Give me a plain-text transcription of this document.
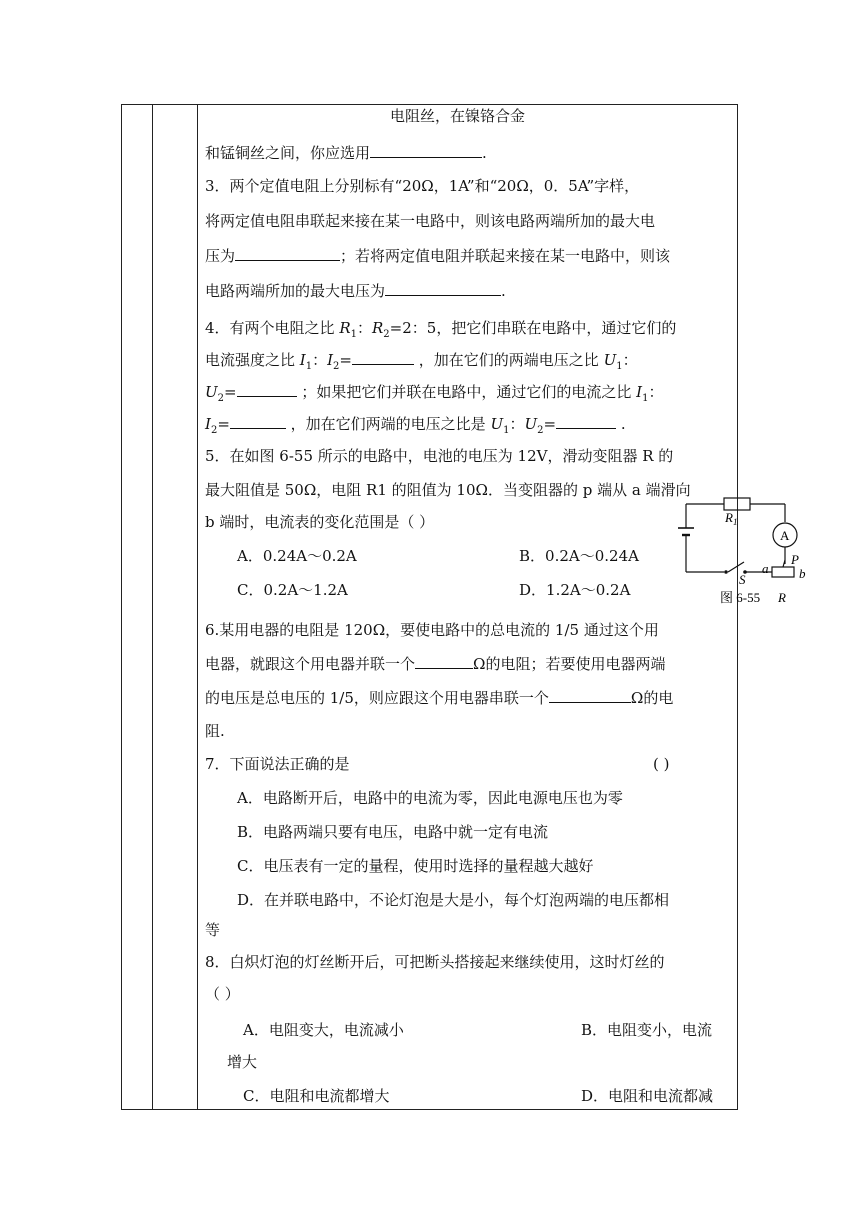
电阻丝，在镍铬合金
和锰铜丝之间，你应选用	.
3．两个定值电阻上分别标有“20Ω，1A”和“20Ω，0．5A”字样，
将两定值电阻串联起来接在某一电路中，则该电路两端所加的最大电
压为	；若将两定值电阻并联起来接在某一电路中，则该
电路两端所加的最大电压为	.
4．有两个电阻之比 $R_1$：$R_2=2$：5，把它们串联在电路中，通过它们的
电流强度之比 $I_1$：$I_2=$	，加在它们的两端电压之比 $U_1$：
$U_2=$	；如果把它们并联在电路中，通过它们的电流之比 $I_1$：
$I_2=$	，加在它们两端的电压之比是 $U_1$：$U_2=$	.
5．在如图 6-55 所示的电路中，电池的电压为 12V，滑动变阻器 R 的
最大阻值是 50Ω，电阻 R1 的阻值为 10Ω．当变阻器的 p 端从 a 端滑向
b 端时，电流表的变化范围是（ ）
A．0.24A～0.2A	B．0.2A～0.24A
C．0.2A～1.2A	D．1.2A～0.2A
6.某用电器的电阻是 120Ω，要使电路中的总电流的 1/5 通过这个用
电器，就跟这个用电器并联一个	Ω的电阻；若要使用电器两端
的电压是总电压的 1/5，则应跟这个用电器串联一个	Ω的电
阻.
7．下面说法正确的是	( )
A．电路断开后，电路中的电流为零，因此电源电压也为零
B．电路两端只要有电压，电路中就一定有电流
C．电压表有一定的量程，使用时选择的量程越大越好
D．在并联电路中，不论灯泡是大是小，每个灯泡两端的电压都相
等
8．白炽灯泡的灯丝断开后，可把断头搭接起来继续使用，这时灯丝的
（ ）
A．电阻变大，电流减小	B．电阻变小，电流
增大
C．电阻和电流都增大	D．电阻和电流都减
$R_1$
A
P
S
a b
图 6-55 R
